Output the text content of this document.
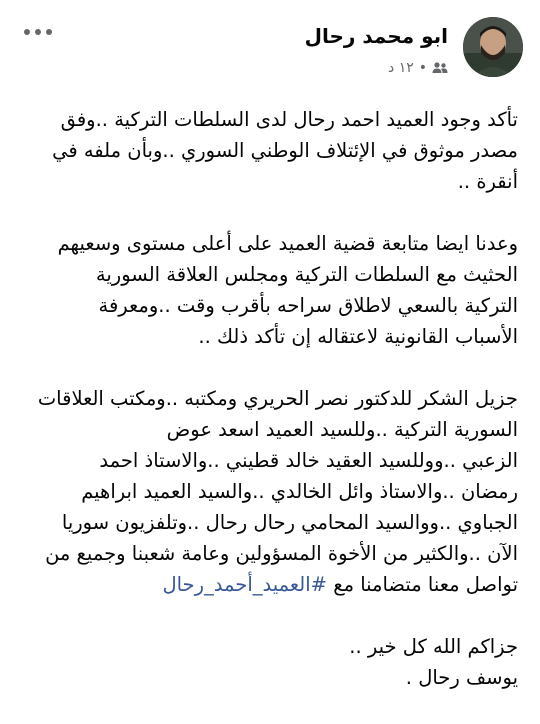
ابو محمد رحال
١٢ د •

تأكد وجود العميد احمد رحال لدى السلطات التركية ..وفق
مصدر موثوق في الإئتلاف الوطني السوري ..وبأن ملفه في
أنقرة ..

وعدنا ايضا متابعة قضية العميد على أعلى مستوى وسعيهم
الحثيث مع السلطات التركية ومجلس العلاقة السورية
التركية بالسعي لاطلاق سراحه بأقرب وقت ..ومعرفة
الأسباب القانونية لاعتقاله إن تأكد ذلك ..

جزيل الشكر للدكتور نصر الحريري ومكتبه ..ومكتب العلاقات
السورية التركية ..وللسيد العميد اسعد عوض
الزعبي ..ووللسيد العقيد خالد قطيني ..والاستاذ احمد
رمضان ..والاستاذ وائل الخالدي ..والسيد العميد ابراهيم
الجباوي ..ووالسيد المحامي رحال رحال ..وتلفزيون سوريا
الآن ..والكثير من الأخوة المسؤولين وعامة شعبنا وجميع من
تواصل معنا متضامنا مع #العميد_أحمد_رحال

جزاكم الله كل خير ..
يوسف رحال .
